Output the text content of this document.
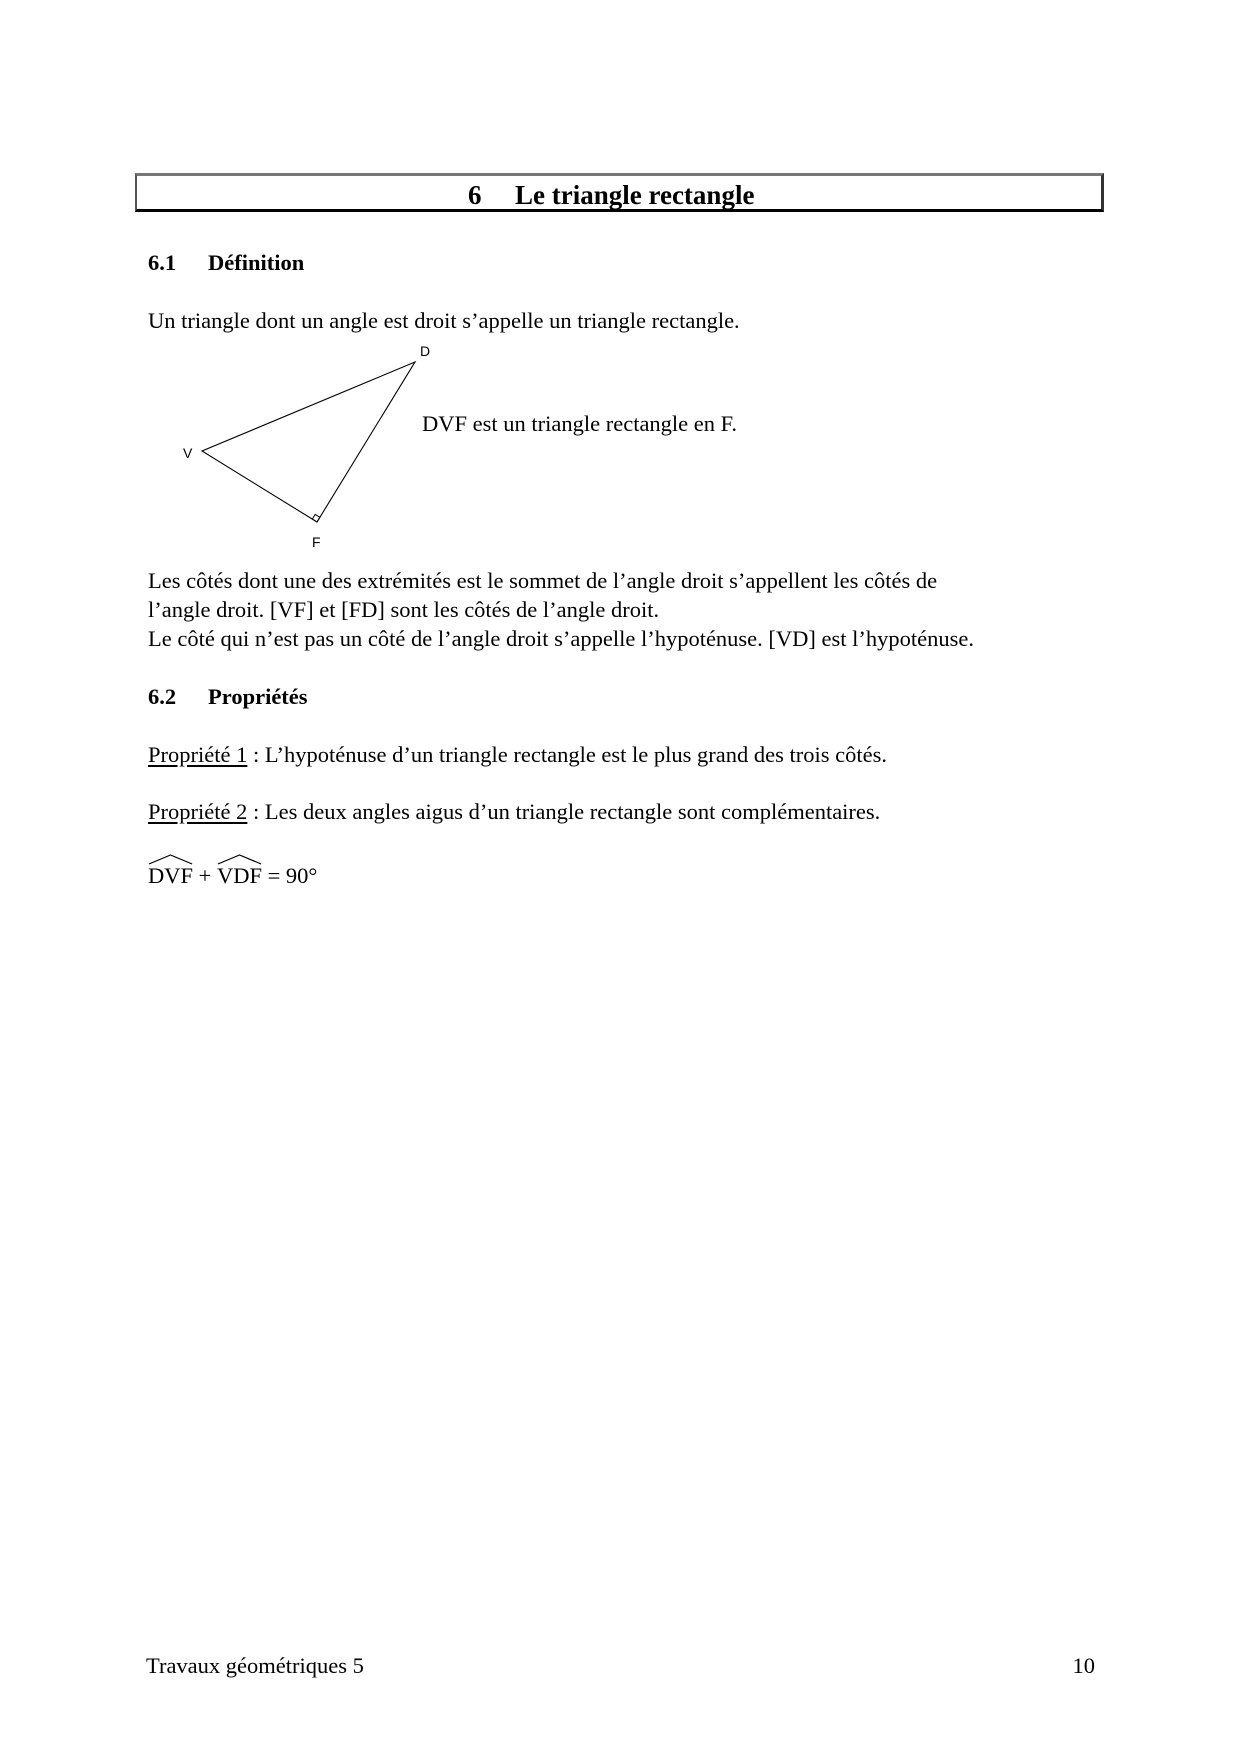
6 Le triangle rectangle
6.1 Définition
Un triangle dont un angle est droit s’appelle un triangle rectangle.
D
V
F
DVF est un triangle rectangle en F.
Les côtés dont une des extrémités est le sommet de l’angle droit s’appellent les côtés de
l’angle droit. [VF] et [FD] sont les côtés de l’angle droit.
Le côté qui n’est pas un côté de l’angle droit s’appelle l’hypoténuse. [VD] est l’hypoténuse.
6.2 Propriétés
Propriété 1 : L’hypoténuse d’un triangle rectangle est le plus grand des trois côtés.
Propriété 2 : Les deux angles aigus d’un triangle rectangle sont complémentaires.
DVF +
VDF = 90°
Travaux géométriques 5	10
